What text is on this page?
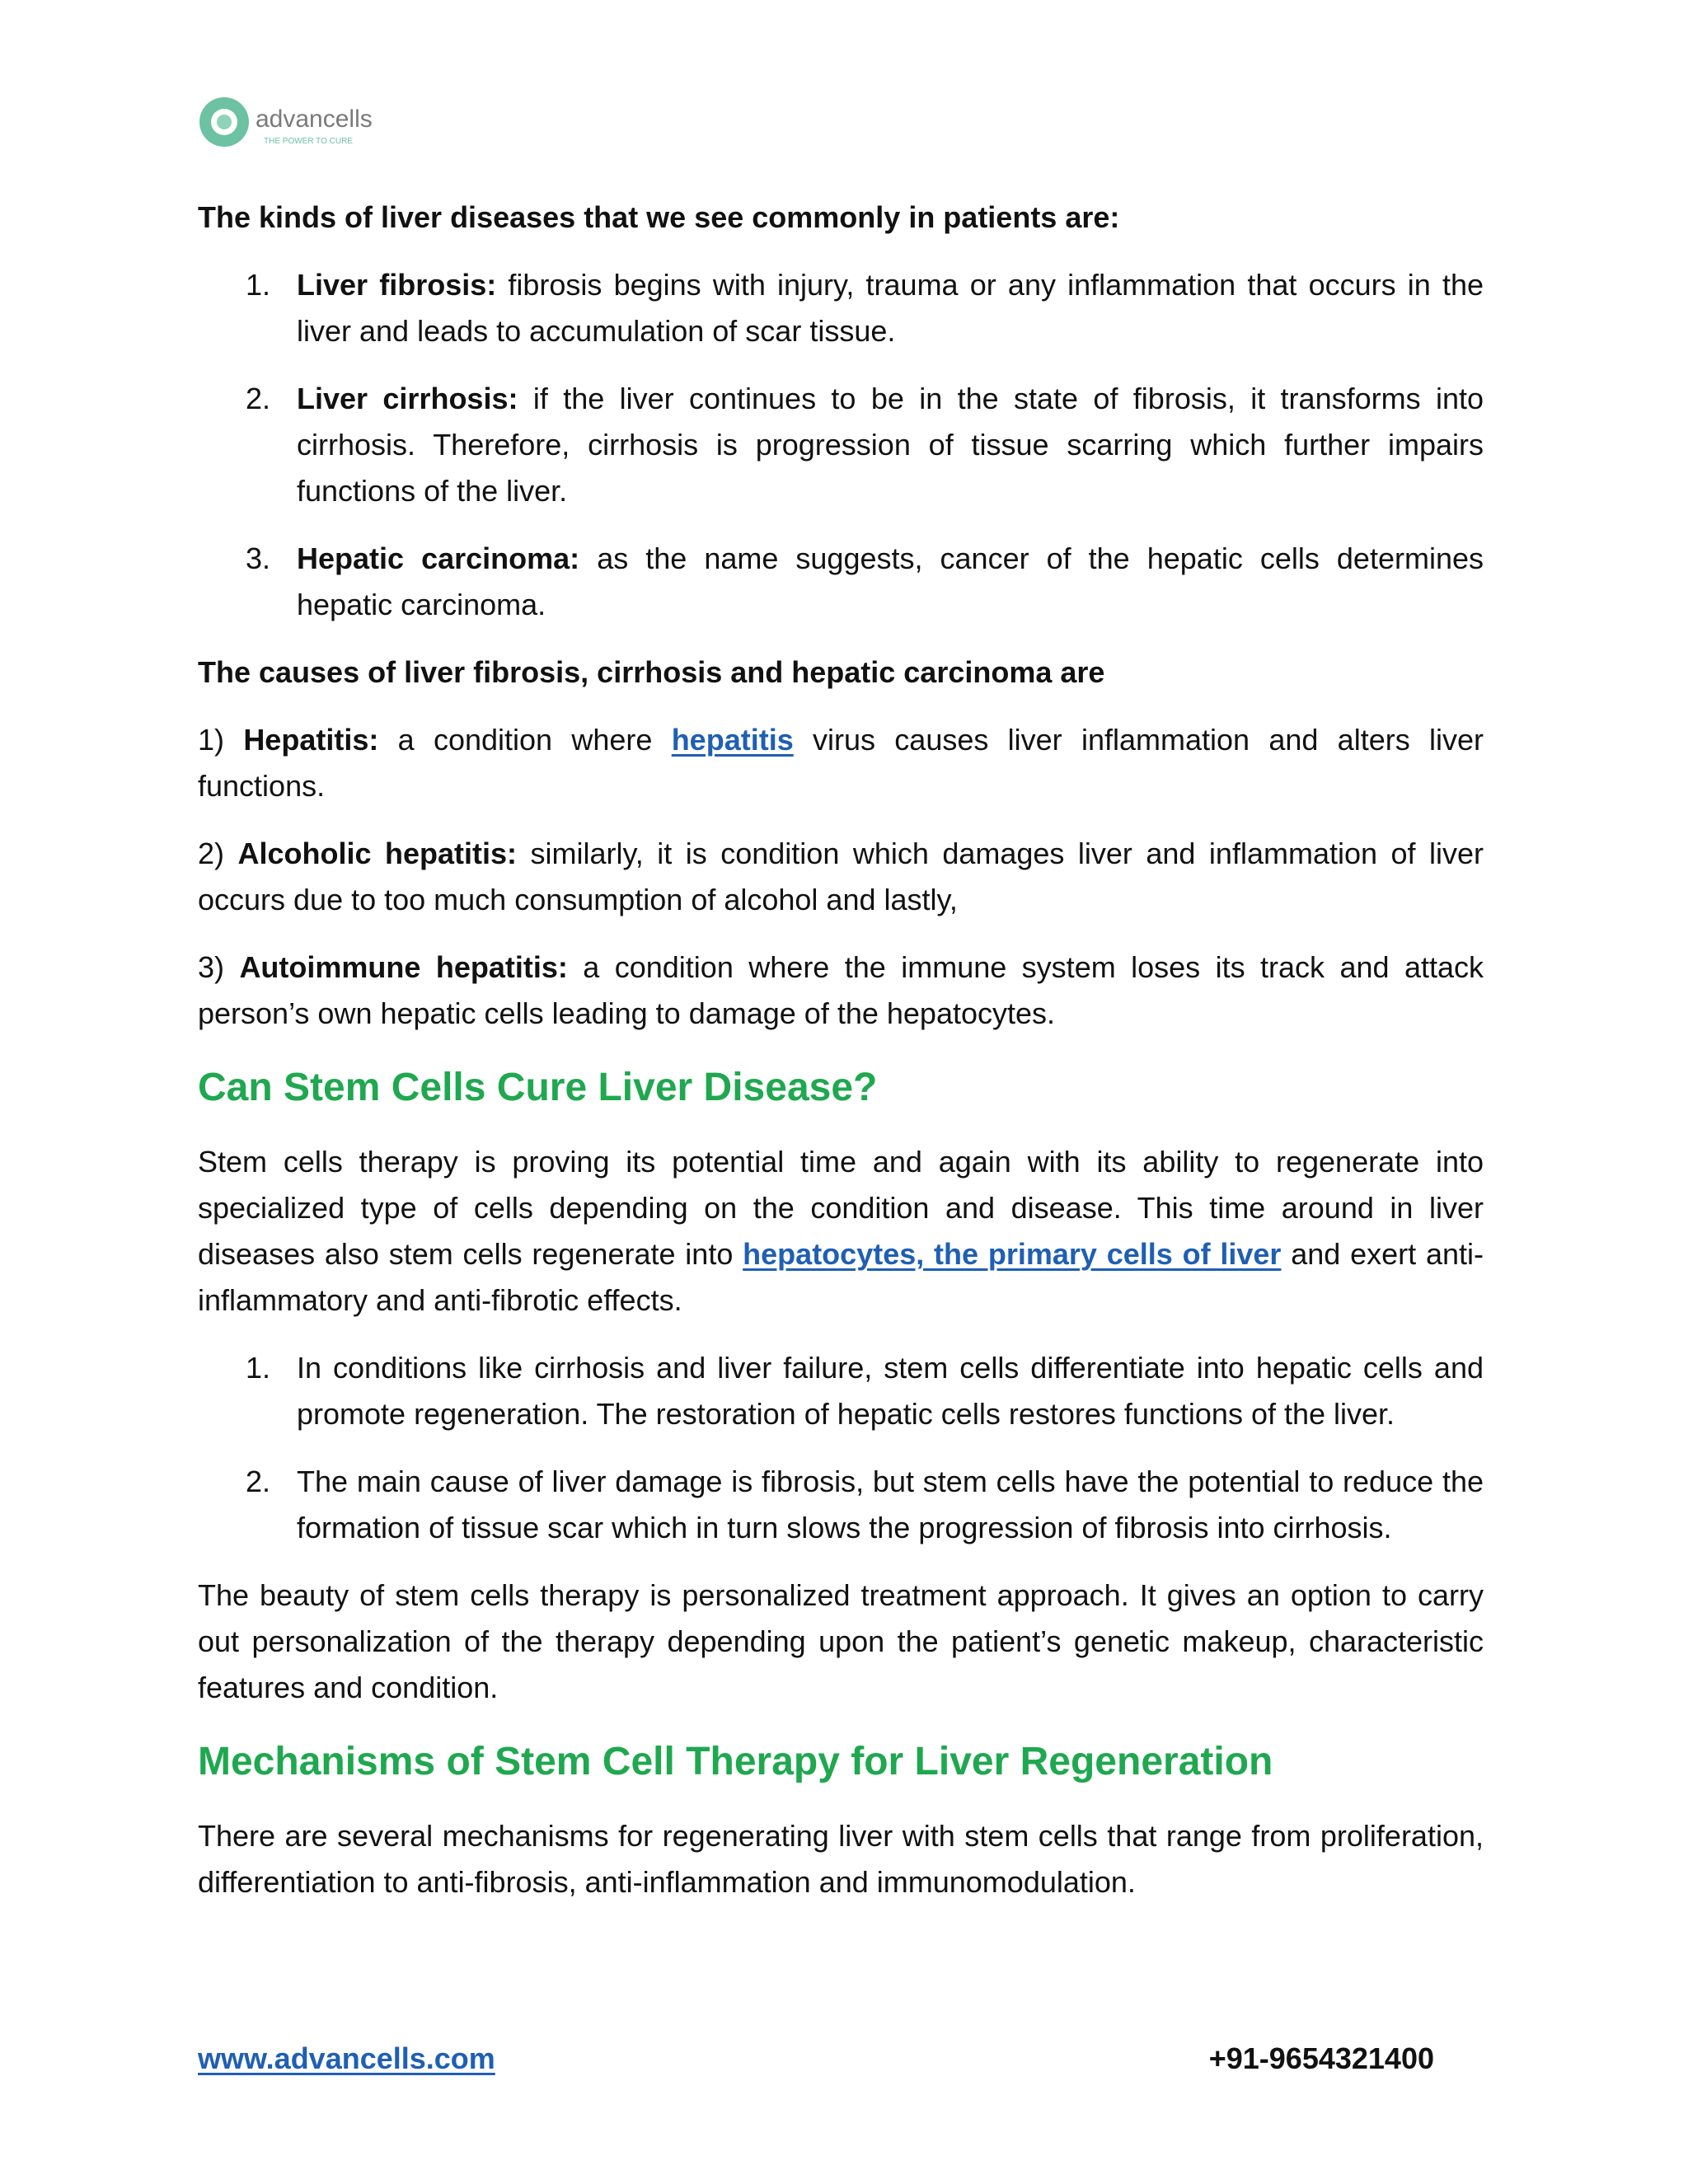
advancells
THE POWER TO CURE

The kinds of liver diseases that we see commonly in patients are:

1. Liver fibrosis: fibrosis begins with injury, trauma or any inflammation that occurs in the liver and leads to accumulation of scar tissue.

2. Liver cirrhosis: if the liver continues to be in the state of fibrosis, it transforms into cirrhosis. Therefore, cirrhosis is progression of tissue scarring which further impairs functions of the liver.

3. Hepatic carcinoma: as the name suggests, cancer of the hepatic cells determines hepatic carcinoma.

The causes of liver fibrosis, cirrhosis and hepatic carcinoma are

1) Hepatitis: a condition where hepatitis virus causes liver inflammation and alters liver functions.

2) Alcoholic hepatitis: similarly, it is condition which damages liver and inflammation of liver occurs due to too much consumption of alcohol and lastly,

3) Autoimmune hepatitis: a condition where the immune system loses its track and attack person’s own hepatic cells leading to damage of the hepatocytes.

Can Stem Cells Cure Liver Disease?

Stem cells therapy is proving its potential time and again with its ability to regenerate into specialized type of cells depending on the condition and disease. This time around in liver diseases also stem cells regenerate into hepatocytes, the primary cells of liver and exert anti-inflammatory and anti-fibrotic effects.

1. In conditions like cirrhosis and liver failure, stem cells differentiate into hepatic cells and promote regeneration. The restoration of hepatic cells restores functions of the liver.

2. The main cause of liver damage is fibrosis, but stem cells have the potential to reduce the formation of tissue scar which in turn slows the progression of fibrosis into cirrhosis.

The beauty of stem cells therapy is personalized treatment approach. It gives an option to carry out personalization of the therapy depending upon the patient’s genetic makeup, characteristic features and condition.

Mechanisms of Stem Cell Therapy for Liver Regeneration

There are several mechanisms for regenerating liver with stem cells that range from proliferation, differentiation to anti-fibrosis, anti-inflammation and immunomodulation.

www.advancells.com	+91-9654321400
